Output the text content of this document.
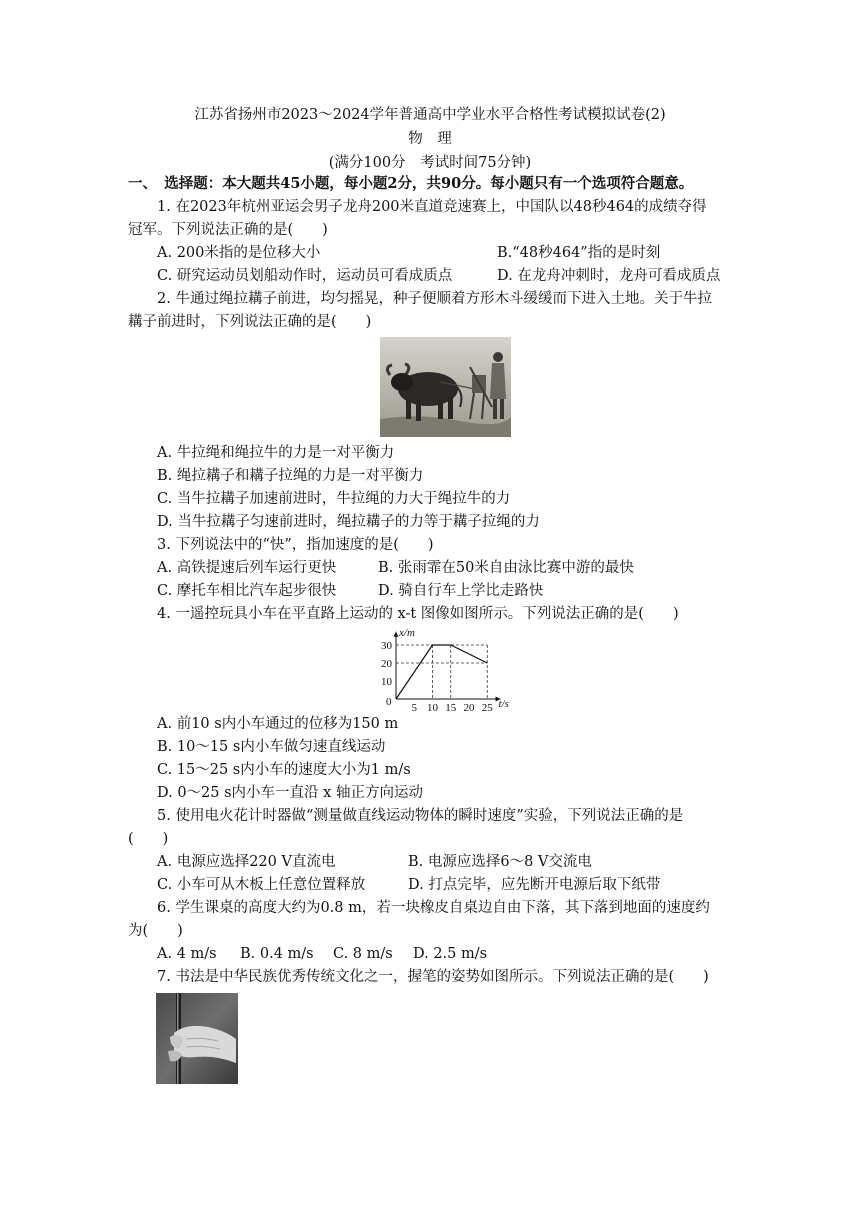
江苏省扬州市2023～2024学年普通高中学业水平合格性考试模拟试卷(2)
物　理
(满分100分　考试时间75分钟)
一、　选择题：本大题共45小题，每小题2分，共90分。每小题只有一个选项符合题意。
1. 在2023年杭州亚运会男子龙舟200米直道竞速赛上，中国队以48秒464的成绩夺得
冠军。下列说法正确的是(　　)
A. 200米指的是位移大小	B.“48秒464”指的是时刻
C. 研究运动员划船动作时，运动员可看成质点	D. 在龙舟冲刺时，龙舟可看成质点
2. 牛通过绳拉耩子前进，均匀摇晃，种子便顺着方形木斗缓缓而下进入土地。关于牛拉
耩子前进时，下列说法正确的是(　　)
A. 牛拉绳和绳拉牛的力是一对平衡力
B. 绳拉耩子和耩子拉绳的力是一对平衡力
C. 当牛拉耩子加速前进时，牛拉绳的力大于绳拉牛的力
D. 当牛拉耩子匀速前进时，绳拉耩子的力等于耩子拉绳的力
3. 下列说法中的“快”，指加速度的是(　　)
A. 高铁提速后列车运行更快	B. 张雨霏在50米自由泳比赛中游的最快
C. 摩托车相比汽车起步很快	D. 骑自行车上学比走路快
4. 一遥控玩具小车在平直路上运动的 x-t 图像如图所示。下列说法正确的是(　　)
x/m
t/s
0 5 10 15 20 25
10
20
30
A. 前10 s内小车通过的位移为150 m
B. 10～15 s内小车做匀速直线运动
C. 15～25 s内小车的速度大小为1 m/s
D. 0～25 s内小车一直沿 x 轴正方向运动
5. 使用电火花计时器做“测量做直线运动物体的瞬时速度”实验，下列说法正确的是
(　　)
A. 电源应选择220 V直流电	B. 电源应选择6～8 V交流电
C. 小车可从木板上任意位置释放	D. 打点完毕，应先断开电源后取下纸带
6. 学生课桌的高度大约为0.8 m，若一块橡皮自桌边自由下落，其下落到地面的速度约
为(　　)
A. 4 m/s B. 0.4 m/s C. 8 m/s D. 2.5 m/s
7. 书法是中华民族优秀传统文化之一，握笔的姿势如图所示。下列说法正确的是(　　)
